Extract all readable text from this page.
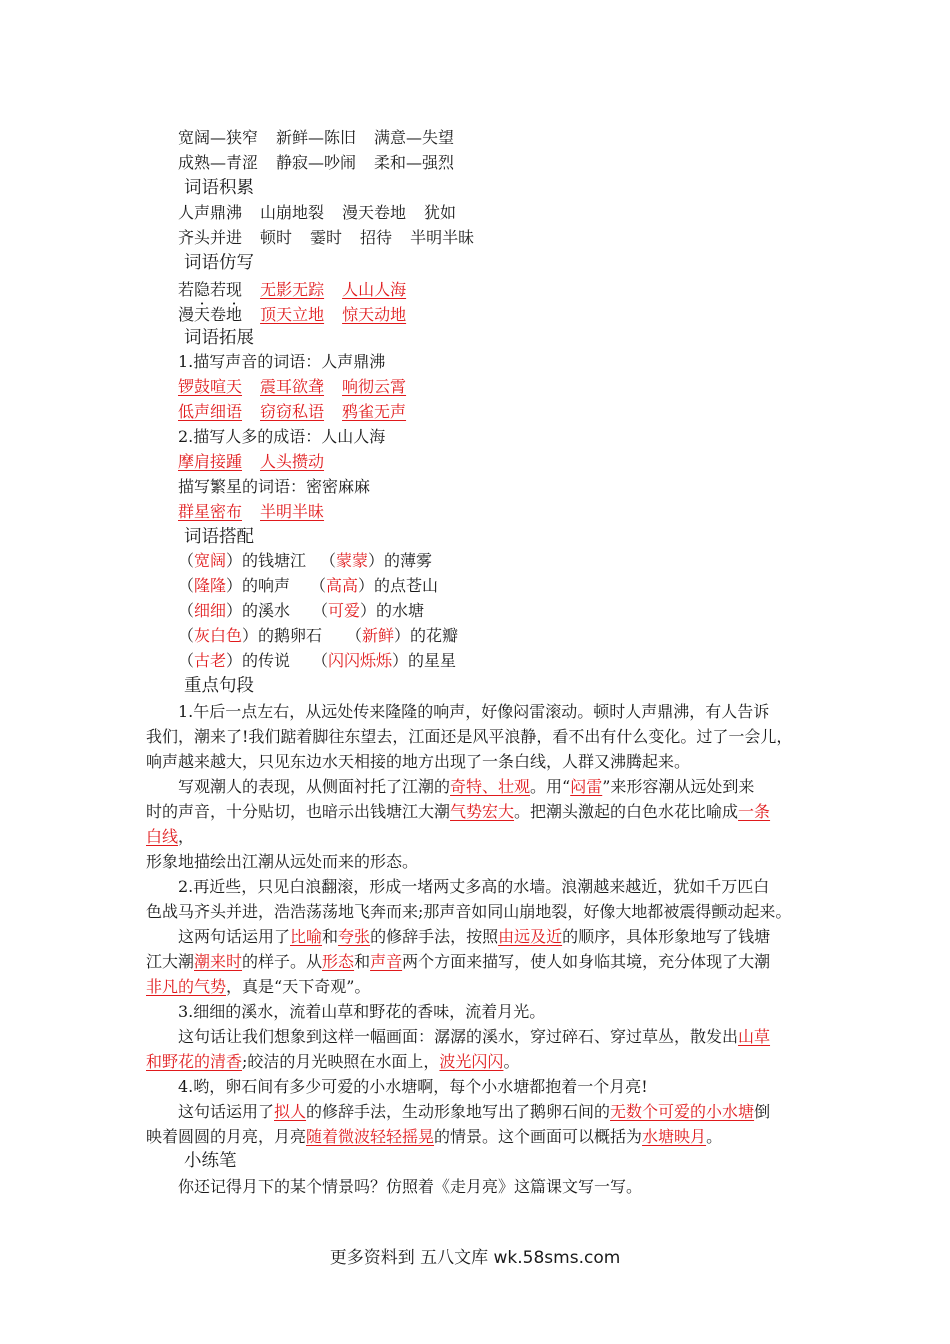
宽阔—狭窄 新鲜—陈旧 满意—失望
成熟—青涩 静寂—吵闹 柔和—强烈
词语积累
人声鼎沸 山崩地裂 漫天卷地 犹如
齐头并进 顿时 霎时 招待 半明半昧
词语仿写
若隐若现 无影无踪 人山人海
漫天卷地 顶天立地 惊天动地
词语拓展
1.描写声音的词语：人声鼎沸
锣鼓喧天 震耳欲聋 响彻云霄
低声细语 窃窃私语 鸦雀无声
2.描写人多的成语：人山人海
摩肩接踵 人头攒动
描写繁星的词语：密密麻麻
群星密布 半明半昧
词语搭配
（宽阔）的钱塘江 （蒙蒙）的薄雾
（隆隆）的响声 （高高）的点苍山
（细细）的溪水 （可爱）的水塘
（灰白色）的鹅卵石 （新鲜）的花瓣
（古老）的传说 （闪闪烁烁）的星星
重点句段
1.午后一点左右，从远处传来隆隆的响声，好像闷雷滚动。顿时人声鼎沸，有人告诉
我们，潮来了!我们踮着脚往东望去，江面还是风平浪静，看不出有什么变化。过了一会儿，
响声越来越大，只见东边水天相接的地方出现了一条白线，人群又沸腾起来。
写观潮人的表现，从侧面衬托了江潮的奇特、壮观。用“闷雷”来形容潮从远处到来
时的声音，十分贴切，也暗示出钱塘江大潮气势宏大。把潮头激起的白色水花比喻成一条
白线，
形象地描绘出江潮从远处而来的形态。
2.再近些，只见白浪翻滚，形成一堵两丈多高的水墙。浪潮越来越近，犹如千万匹白
色战马齐头并进，浩浩荡荡地飞奔而来;那声音如同山崩地裂，好像大地都被震得颤动起来。
这两句话运用了比喻和夸张的修辞手法，按照由远及近的顺序，具体形象地写了钱塘
江大潮潮来时的样子。从形态和声音两个方面来描写，使人如身临其境，充分体现了大潮
非凡的气势，真是“天下奇观”。
3.细细的溪水，流着山草和野花的香味，流着月光。
这句话让我们想象到这样一幅画面：潺潺的溪水，穿过碎石、穿过草丛，散发出山草
和野花的清香;皎洁的月光映照在水面上，波光闪闪。
4.哟，卵石间有多少可爱的小水塘啊，每个小水塘都抱着一个月亮!
这句话运用了拟人的修辞手法，生动形象地写出了鹅卵石间的无数个可爱的小水塘倒
映着圆圆的月亮，月亮随着微波轻轻摇晃的情景。这个画面可以概括为水塘映月。
小练笔
你还记得月下的某个情景吗？仿照着《走月亮》这篇课文写一写。
更多资料到 五八文库 wk.58sms.com
